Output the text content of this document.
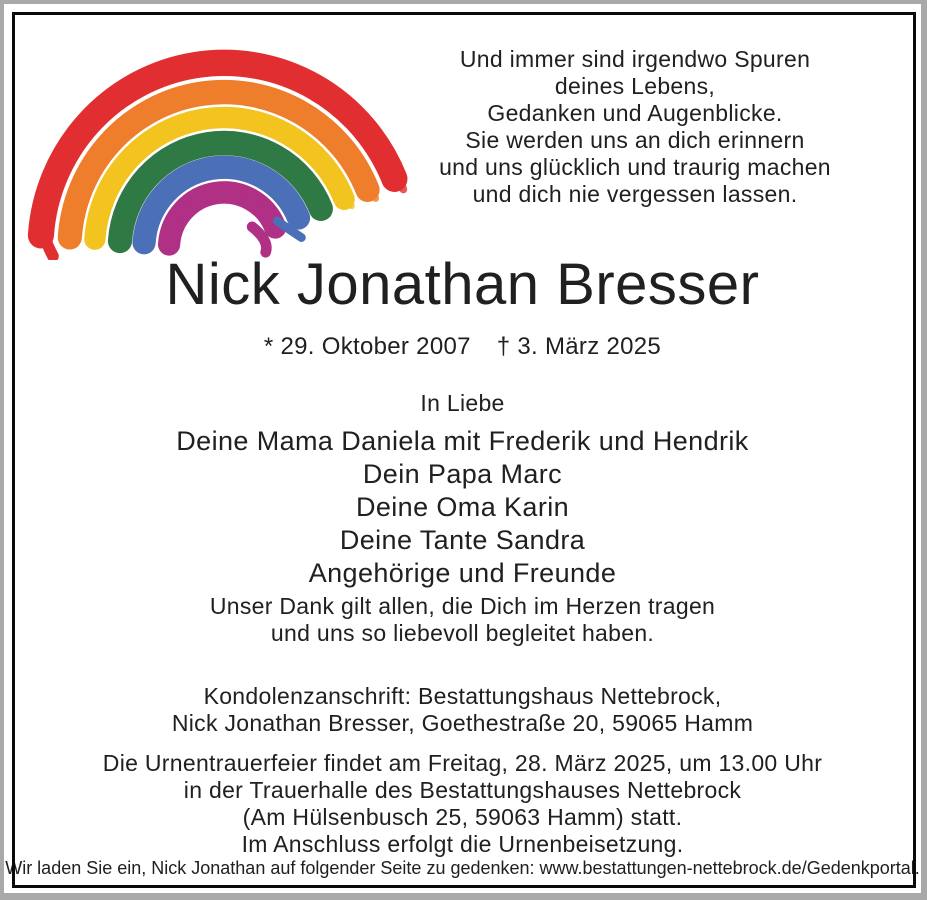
Und immer sind irgendwo Spuren
deines Lebens,
Gedanken und Augenblicke.
Sie werden uns an dich erinnern
und uns glücklich und traurig machen
und dich nie vergessen lassen.
Nick Jonathan Bresser
* 29. Oktober 2007 † 3. März 2025
In Liebe
Deine Mama Daniela mit Frederik und Hendrik
Dein Papa Marc
Deine Oma Karin
Deine Tante Sandra
Angehörige und Freunde
Unser Dank gilt allen, die Dich im Herzen tragen
und uns so liebevoll begleitet haben.
Kondolenzanschrift: Bestattungshaus Nettebrock,
Nick Jonathan Bresser, Goethestraße 20, 59065 Hamm
Die Urnentrauerfeier findet am Freitag, 28. März 2025, um 13.00 Uhr
in der Trauerhalle des Bestattungshauses Nettebrock
(Am Hülsenbusch 25, 59063 Hamm) statt.
Im Anschluss erfolgt die Urnenbeisetzung.
Wir laden Sie ein, Nick Jonathan auf folgender Seite zu gedenken: www.bestattungen-nettebrock.de/Gedenkportal.
